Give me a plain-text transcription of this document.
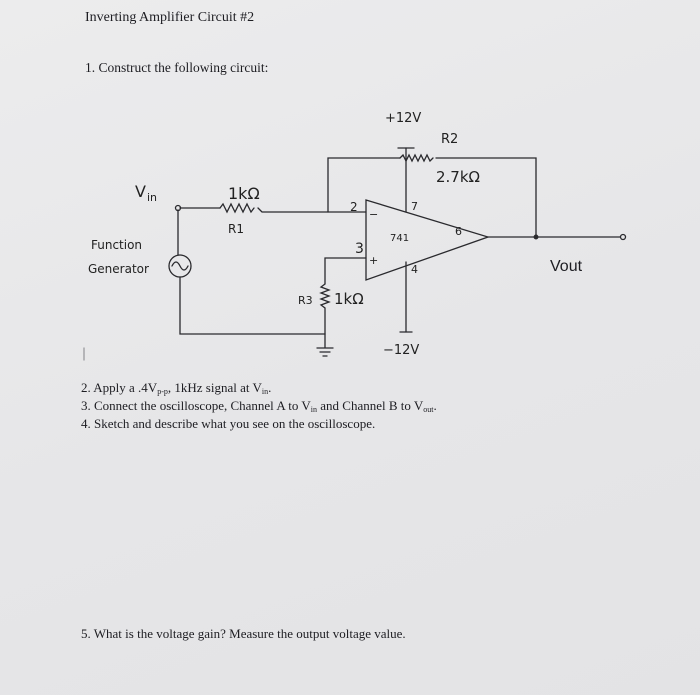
Inverting Amplifier Circuit #2
1. Construct the following circuit:
V in	1kΩ
R1
Function
Generator
R2
2.7kΩ
741
−
+
2
3
7
4
6
+12V
−12V
R3 1kΩ
Vout
2. Apply a $.4V_{p-p}$, 1kHz signal at $V_{in}$.
3. Connect the oscilloscope, Channel A to $V_{in}$ and Channel B to $V_{out}$.
4. Sketch and describe what you see on the oscilloscope.
5. What is the voltage gain? Measure the output voltage value.
